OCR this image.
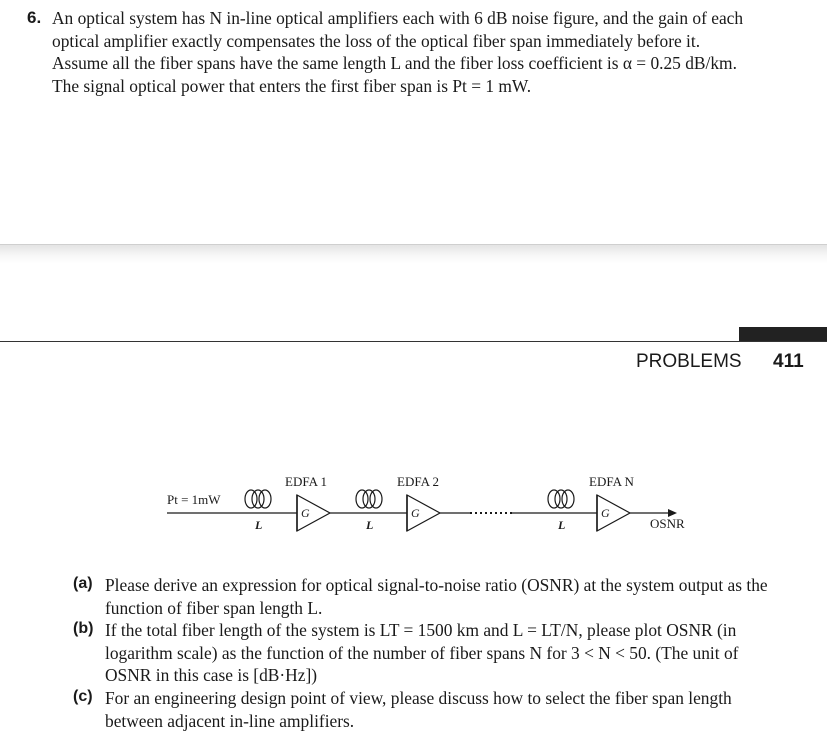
6. An optical system has N in-line optical amplifiers each with 6 dB noise figure, and the gain of each
optical amplifier exactly compensates the loss of the optical fiber span immediately before it.
Assume all the fiber spans have the same length L and the fiber loss coefficient is α = 0.25 dB/km.
The signal optical power that enters the first fiber span is Pt = 1 mW.
PROBLEMS 411
Pt = 1mW
L	L	L
G
EDFA 1
G
EDFA 2
G
EDFA N
OSNR
(a) Please derive an expression for optical signal-to-noise ratio (OSNR) at the system output as the
function of fiber span length L.
(b) If the total fiber length of the system is LT = 1500 km and L = LT/N, please plot OSNR (in
logarithm scale) as the function of the number of fiber spans N for 3 < N < 50. (The unit of
OSNR in this case is [dB·Hz])
(c) For an engineering design point of view, please discuss how to select the fiber span length
between adjacent in-line amplifiers.
